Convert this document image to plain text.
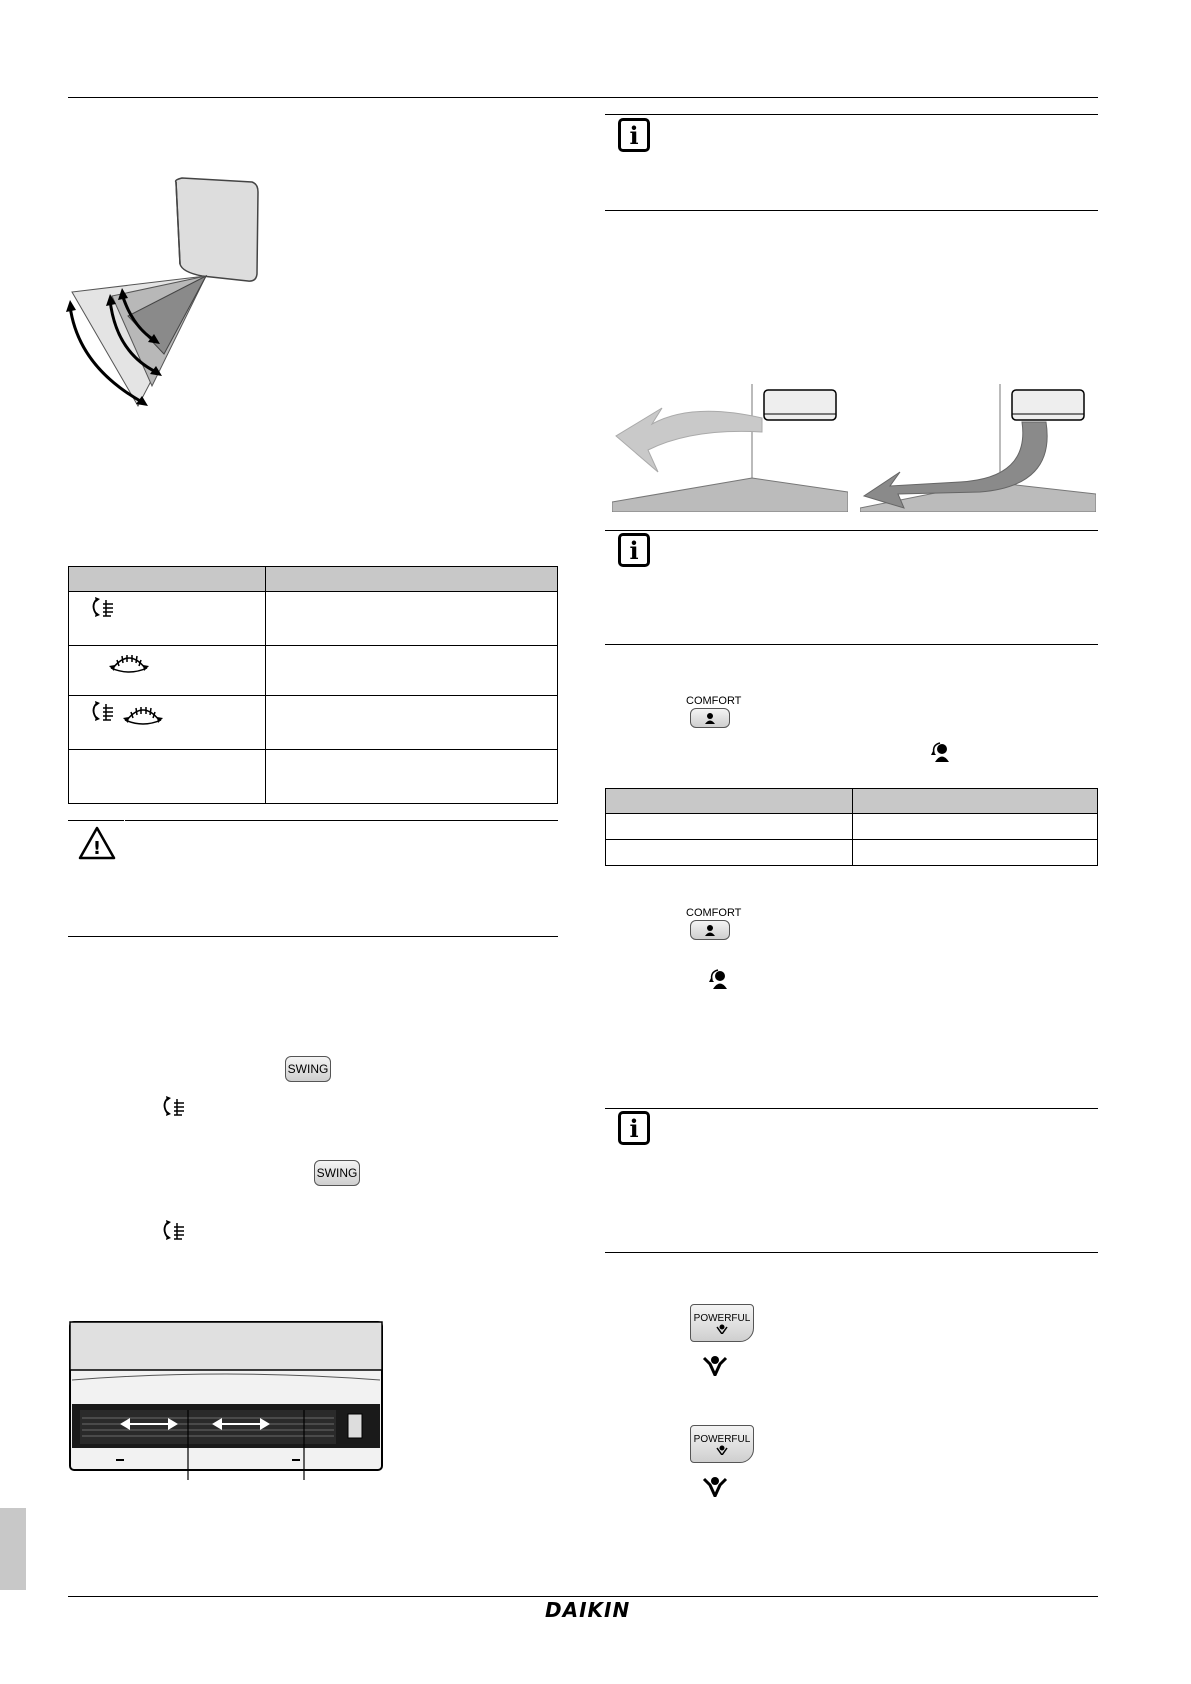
!
SWING
SWING
i
i
COMFORT

COMFORT
i
POWERFUL
POWERFUL
DAIKIN
